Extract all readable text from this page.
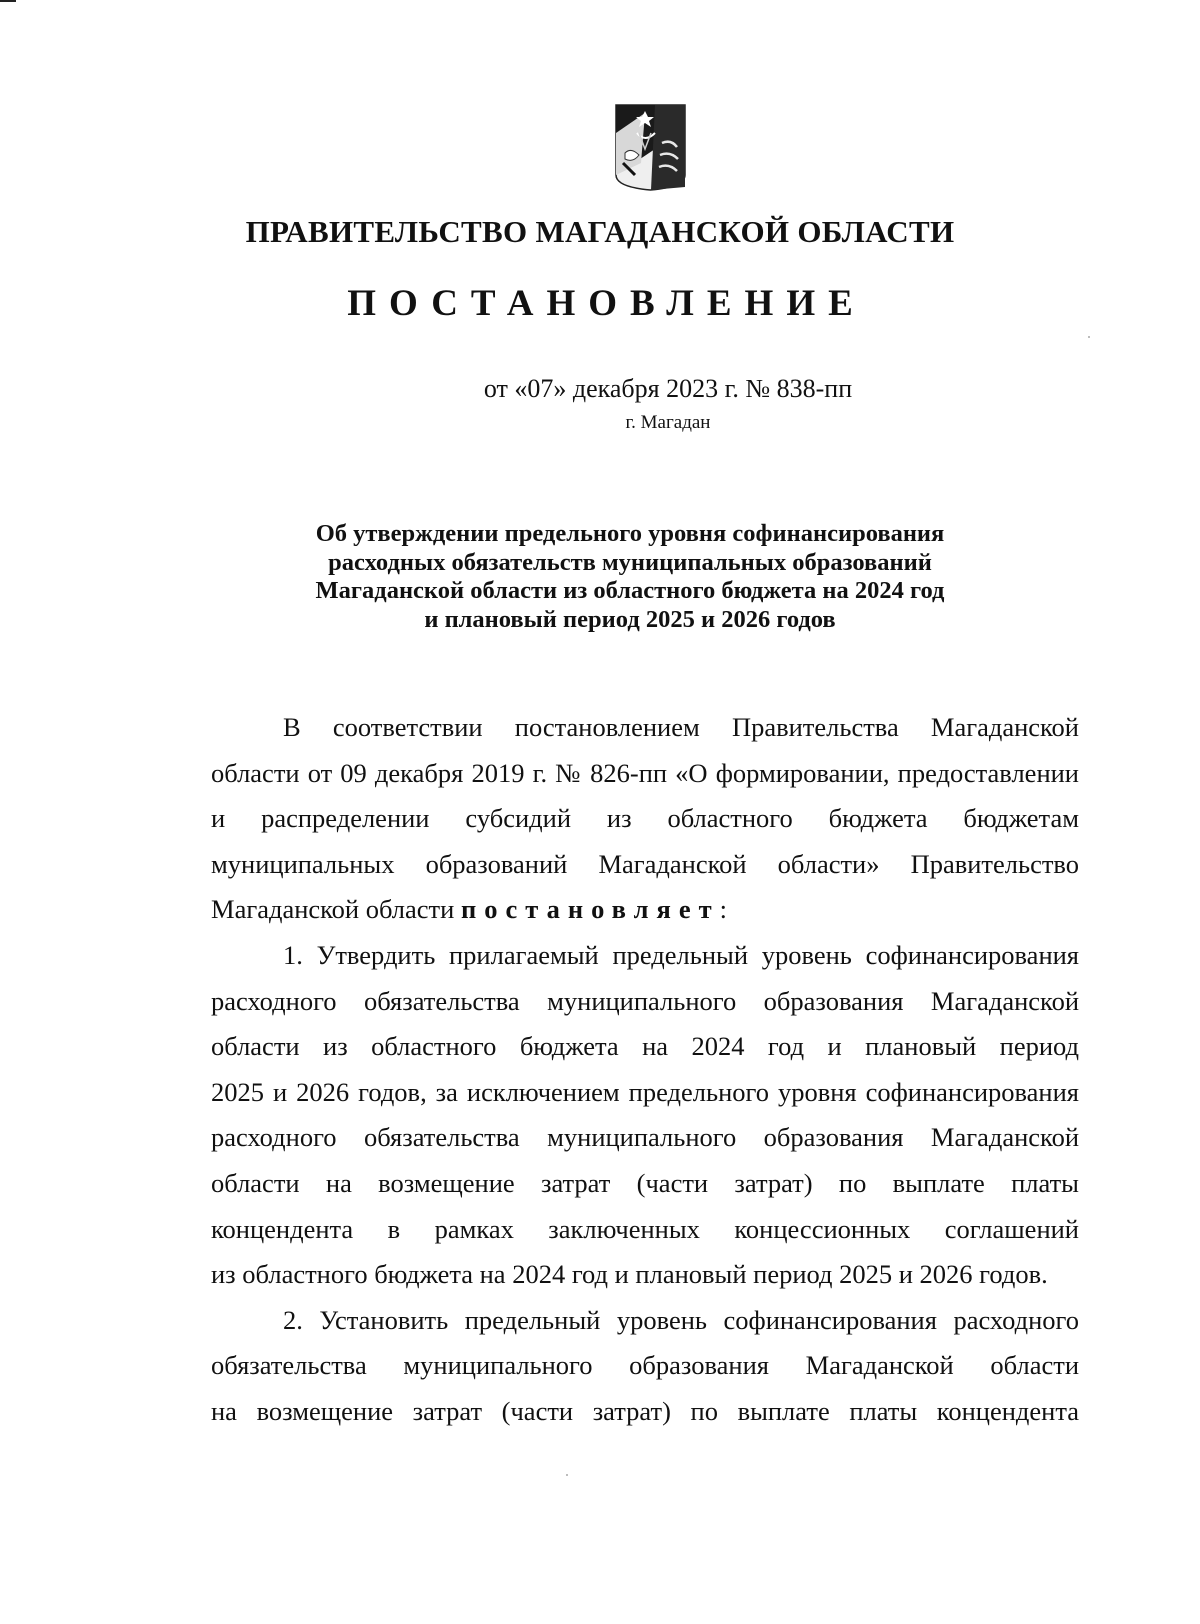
ПРАВИТЕЛЬСТВО МАГАДАНСКОЙ ОБЛАСТИ
ПОСТАНОВЛЕНИЕ
от «07» декабря 2023 г. № 838-пп
г. Магадан
Об утверждении предельного уровня софинансирования
расходных обязательств муниципальных образований
Магаданской области из областного бюджета на 2024 год
и плановый период 2025 и 2026 годов
В соответствии постановлением Правительства Магаданской
области от 09 декабря 2019 г. № 826-пп «О формировании, предоставлении
и распределении субсидий из областного бюджета бюджетам
муниципальных образований Магаданской области» Правительство
Магаданской области постановляет:
1. Утвердить прилагаемый предельный уровень софинансирования
расходного обязательства муниципального образования Магаданской
области из областного бюджета на 2024 год и плановый период
2025 и 2026 годов, за исключением предельного уровня софинансирования
расходного обязательства муниципального образования Магаданской
области на возмещение затрат (части затрат) по выплате платы
концендента в рамках заключенных концессионных соглашений
из областного бюджета на 2024 год и плановый период 2025 и 2026 годов.
2. Установить предельный уровень софинансирования расходного
обязательства муниципального образования Магаданской области
на возмещение затрат (части затрат) по выплате платы концендента
